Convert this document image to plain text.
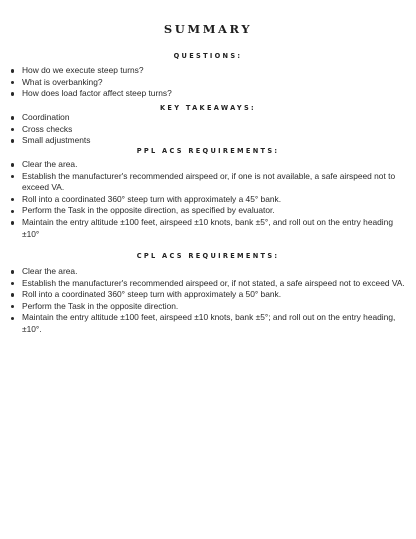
SUMMARY
QUESTIONS:
How do we execute steep turns?
What is overbanking?
How does load factor affect steep turns?
KEY TAKEAWAYS:
Coordination
Cross checks
Small adjustments
PPL ACS REQUIREMENTS:
Clear the area.
Establish the manufacturer's recommended airspeed or, if one is not available, a safe airspeed not to exceed VA.
Roll into a coordinated 360° steep turn with approximately a 45° bank.
Perform the Task in the opposite direction, as specified by evaluator.
Maintain the entry altitude ±100 feet, airspeed ±10 knots, bank ±5°, and roll out on the entry heading ±10°
CPL ACS REQUIREMENTS:
Clear the area.
Establish the manufacturer's recommended airspeed or, if not stated, a safe airspeed not to exceed VA.
Roll into a coordinated 360° steep turn with approximately a 50° bank.
Perform the Task in the opposite direction.
Maintain the entry altitude ±100 feet, airspeed ±10 knots, bank ±5°; and roll out on the entry heading, ±10°.
